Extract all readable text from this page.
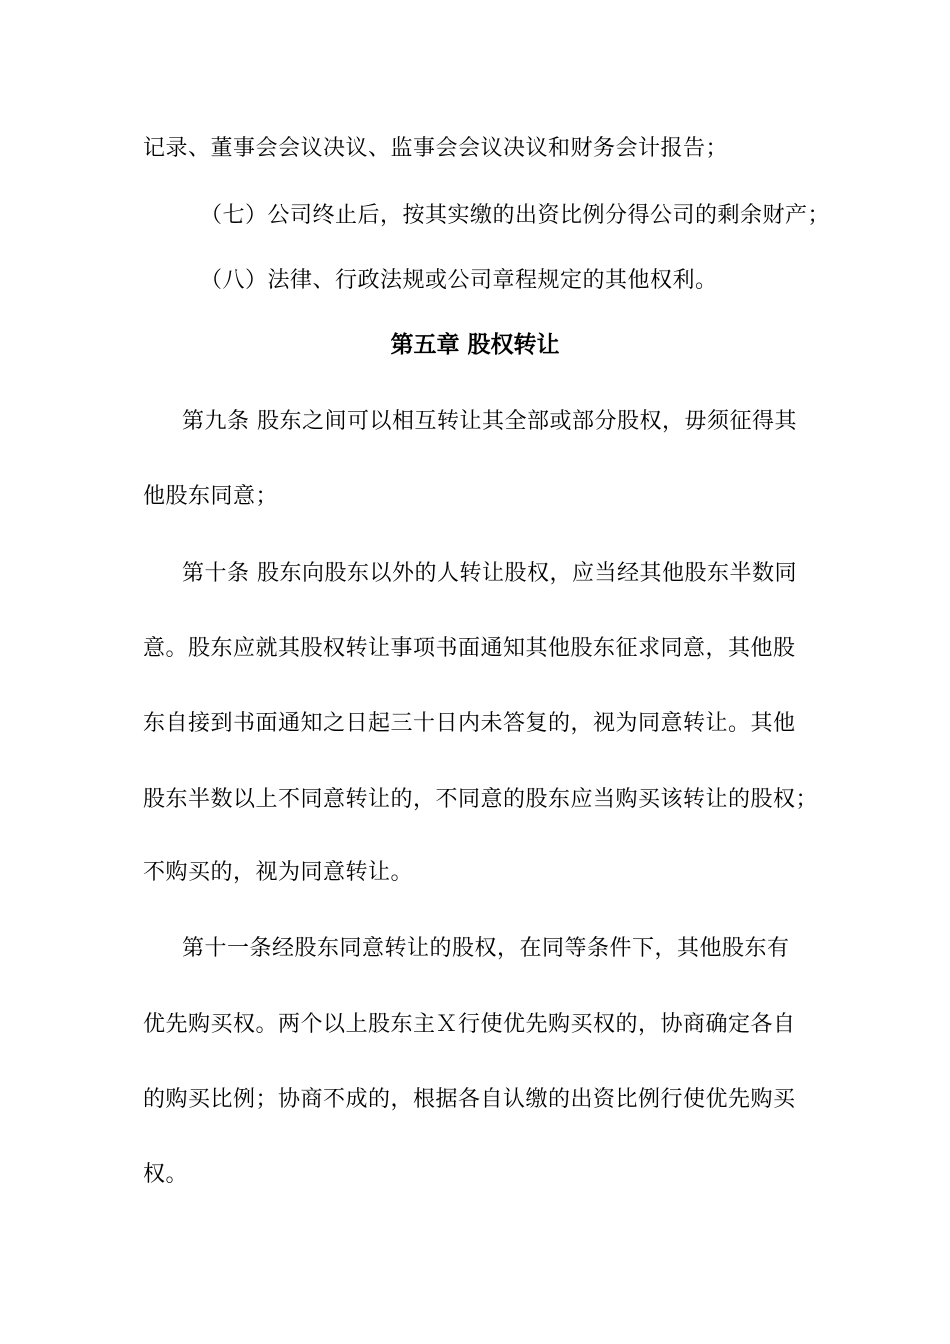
记录、董事会会议决议、监事会会议决议和财务会计报告；
（七）公司终止后，按其实缴的出资比例分得公司的剩余财产；
（八）法律、行政法规或公司章程规定的其他权利。
第五章 股权转让
第九条 股东之间可以相互转让其全部或部分股权，毋须征得其
他股东同意；
第十条 股东向股东以外的人转让股权，应当经其他股东半数同
意。股东应就其股权转让事项书面通知其他股东征求同意，其他股
东自接到书面通知之日起三十日内未答复的，视为同意转让。其他
股东半数以上不同意转让的，不同意的股东应当购买该转让的股权；
不购买的，视为同意转让。
第十一条经股东同意转让的股权，在同等条件下，其他股东有
优先购买权。两个以上股东主Ｘ行使优先购买权的，协商确定各自
的购买比例；协商不成的，根据各自认缴的出资比例行使优先购买
权。
